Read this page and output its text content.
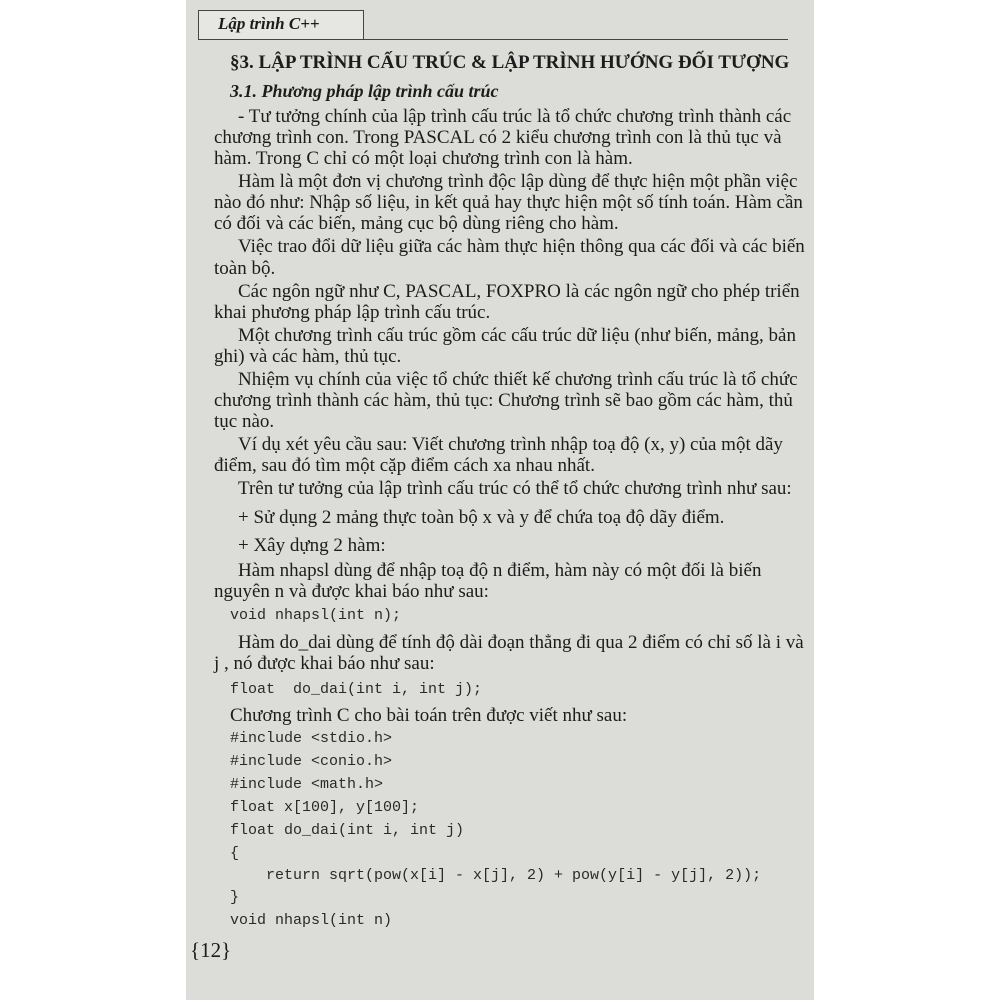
Lập trình C++
§3. LẬP TRÌNH CẤU TRÚC & LẬP TRÌNH HƯỚNG ĐỐI TƯỢNG
3.1. Phương pháp lập trình cấu trúc
- Tư tưởng chính của lập trình cấu trúc là tổ chức chương trình thành các
chương trình con. Trong PASCAL có 2 kiểu chương trình con là thủ tục và
hàm. Trong C chỉ có một loại chương trình con là hàm.
Hàm là một đơn vị chương trình độc lập dùng để thực hiện một phần việc
nào đó như: Nhập số liệu, in kết quả hay thực hiện một số tính toán. Hàm cần
có đối và các biến, mảng cục bộ dùng riêng cho hàm.
Việc trao đổi dữ liệu giữa các hàm thực hiện thông qua các đối và các biến
toàn bộ.
Các ngôn ngữ như C, PASCAL, FOXPRO là các ngôn ngữ cho phép triển
khai phương pháp lập trình cấu trúc.
Một chương trình cấu trúc gồm các cấu trúc dữ liệu (như biến, mảng, bản
ghi) và các hàm, thủ tục.
Nhiệm vụ chính của việc tổ chức thiết kế chương trình cấu trúc là tổ chức
chương trình thành các hàm, thủ tục: Chương trình sẽ bao gồm các hàm, thủ
tục nào.
Ví dụ xét yêu cầu sau: Viết chương trình nhập toạ độ (x, y) của một dãy
điểm, sau đó tìm một cặp điểm cách xa nhau nhất.
Trên tư tưởng của lập trình cấu trúc có thể tổ chức chương trình như sau:
+ Sử dụng 2 mảng thực toàn bộ x và y để chứa toạ độ dãy điểm.
+ Xây dựng 2 hàm:
Hàm nhapsl dùng để nhập toạ độ n điểm, hàm này có một đối là biến
nguyên n và được khai báo như sau:
void nhapsl(int n);
Hàm do_dai dùng để tính độ dài đoạn thẳng đi qua 2 điểm có chỉ số là i và
j , nó được khai báo như sau:
float  do_dai(int i, int j);
Chương trình C cho bài toán trên được viết như sau:
#include <stdio.h>
#include <conio.h>
#include <math.h>
float x[100], y[100];
float do_dai(int i, int j)
{
return sqrt(pow(x[i] - x[j], 2) + pow(y[i] - y[j], 2));
}
void nhapsl(int n)
{12}
